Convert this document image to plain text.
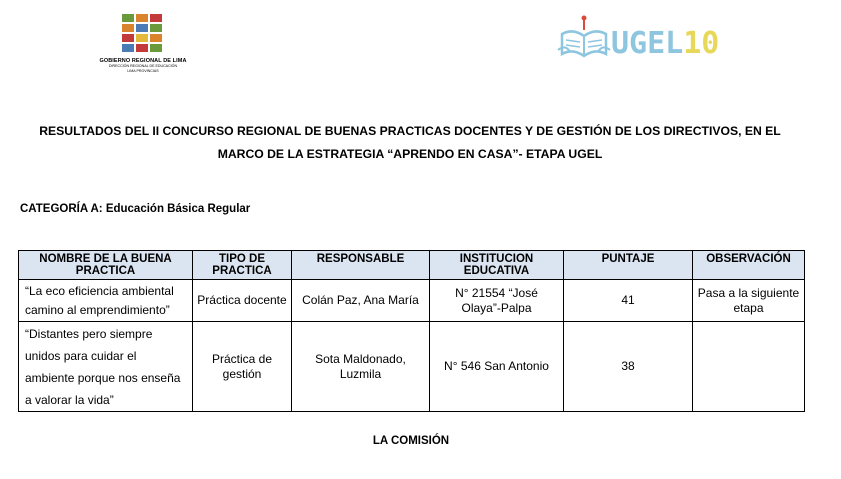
GOBIERNO REGIONAL DE LIMA
DIRECCIÓN REGIONAL DE EDUCACIÓN
LIMA PROVINCIAS
UGEL10
RESULTADOS DEL II CONCURSO REGIONAL DE BUENAS PRACTICAS DOCENTES Y DE GESTIÓN DE LOS DIRECTIVOS, EN EL
MARCO DE LA ESTRATEGIA “APRENDO EN CASA”- ETAPA UGEL
CATEGORÍA A: Educación Básica Regular
NOMBRE DE LA BUENA PRACTICA	TIPO DE PRACTICA	RESPONSABLE	INSTITUCION EDUCATIVA	PUNTAJE	OBSERVACIÓN
“La eco eficiencia ambiental camino al emprendimiento”	Práctica docente	Colán Paz, Ana María	N° 21554 “José Olaya”-Palpa	41	Pasa a la siguiente etapa
“Distantes pero siempre unidos para cuidar el ambiente porque nos enseña a valorar la vida”	Práctica de gestión	Sota Maldonado, Luzmila	N° 546 San Antonio	38	
LA COMISIÓN
